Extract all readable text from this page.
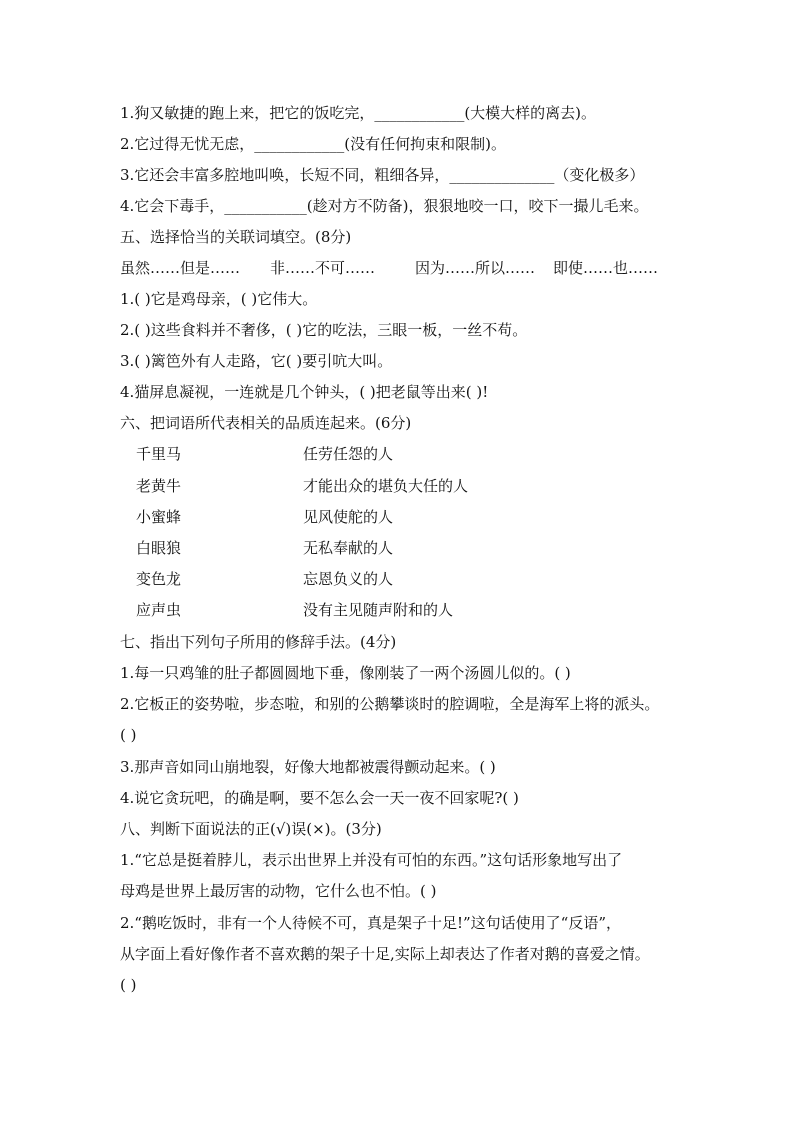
1.狗又敏捷的跑上来，把它的饭吃完，____________(大模大样的离去)。
2.它过得无忧无虑，____________(没有任何拘束和限制)。
3.它还会丰富多腔地叫唤，长短不同，粗细各异，______________（变化极多）
4.它会下毒手，___________(趁对方不防备)，狠狠地咬一口，咬下一撮儿毛来。
五、选择恰当的关联词填空。(8分)
虽然……但是…… 非……不可……	因为……所以…… 即使……也……
1.( )它是鸡母亲，( )它伟大。
2.( )这些食料并不奢侈，( )它的吃法，三眼一板，一丝不苟。
3.( )篱笆外有人走路，它( )要引吭大叫。
4.猫屏息凝视，一连就是几个钟头，( )把老鼠等出来( )!
六、把词语所代表相关的品质连起来。(6分)
千里马	任劳任怨的人
老黄牛	才能出众的堪负大任的人
小蜜蜂	见风使舵的人
白眼狼	无私奉献的人
变色龙	忘恩负义的人
应声虫	没有主见随声附和的人
七、指出下列句子所用的修辞手法。(4分)
1.每一只鸡雏的肚子都圆圆地下垂，像刚装了一两个汤圆儿似的。( )
2.它板正的姿势啦，步态啦，和别的公鹅攀谈时的腔调啦，全是海军上将的派头。
( )
3.那声音如同山崩地裂，好像大地都被震得颤动起来。( )
4.说它贪玩吧，的确是啊，要不怎么会一天一夜不回家呢?( )
八、判断下面说法的正(√)误(×)。(3分)
1.“它总是挺着脖儿，表示出世界上并没有可怕的东西。”这句话形象地写出了
母鸡是世界上最厉害的动物，它什么也不怕。( )
2.“鹅吃饭时，非有一个人待候不可，真是架子十足!”这句话使用了“反语”，
从字面上看好像作者不喜欢鹅的架子十足,实际上却表达了作者对鹅的喜爱之情。
( )
